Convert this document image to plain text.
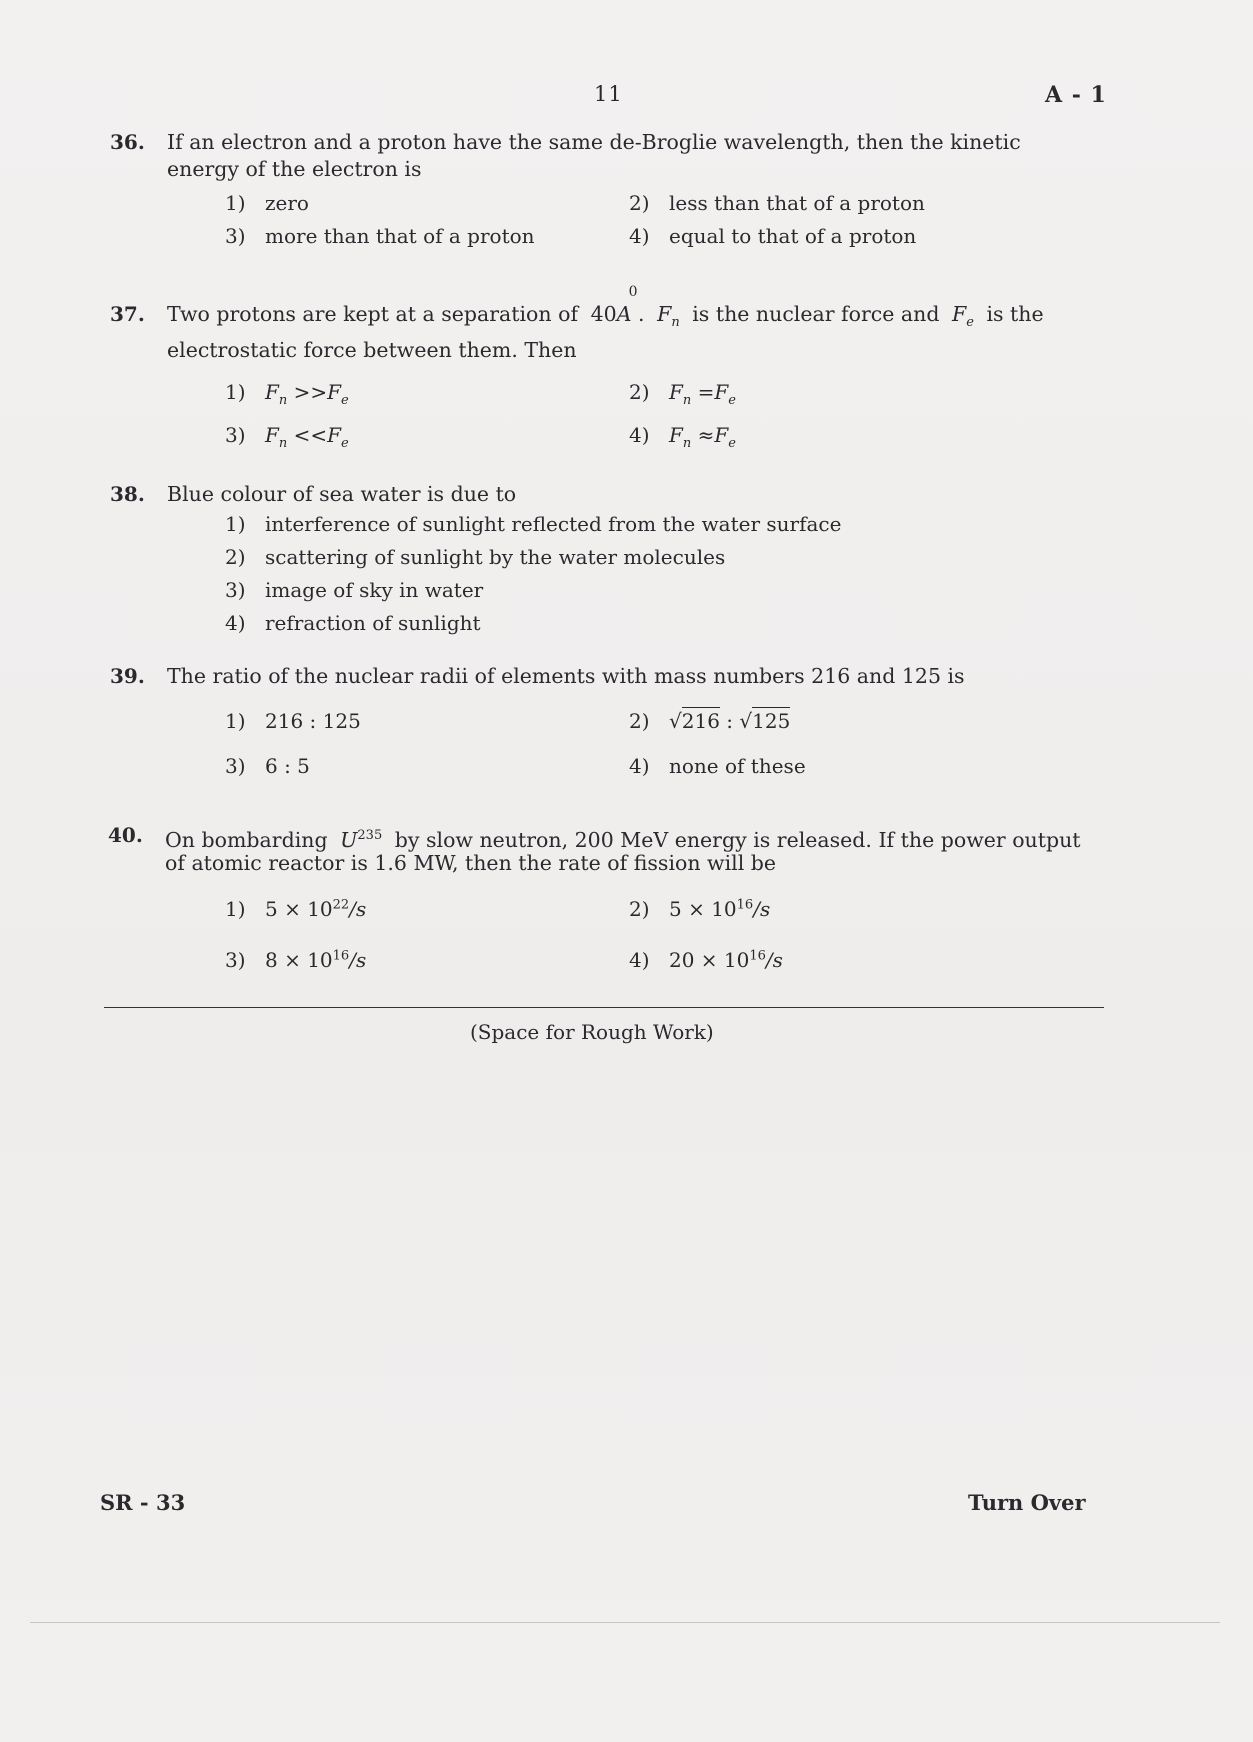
11	A - 1
36. If an electron and a proton have the same de-Broglie wavelength, then the kinetic
energy of the electron is
1) zero	2) less than that of a proton
3) more than that of a proton	4) equal to that of a proton
37. Two protons are kept at a separation of 40A
0
. $F_n$ is the nuclear force and $F_e$ is the
electrostatic force between them. Then
1) $F_n >>F_e$	2) $F_n =F_e$
3) $F_n <<F_e$	4) $F_n \approx F_e$
38. Blue colour of sea water is due to
1) interference of sunlight reflected from the water surface
2) scattering of sunlight by the water molecules
3) image of sky in water
4) refraction of sunlight
39. The ratio of the nuclear radii of elements with mass numbers 216 and 125 is
1) 216 : 125	2) √216 : √125
3) 6 : 5	4) none of these
40. On bombarding $U^{235}$ by slow neutron, 200 MeV energy is released. If the power output
of atomic reactor is 1.6 MW, then the rate of fission will be
1) $5 \times 10^{22}/s$	2) $5 \times 10^{16}/s$
3) $8 \times 10^{16}/s$	4) $20 \times 10^{16}/s$
(Space for Rough Work)
SR - 33	Turn Over
